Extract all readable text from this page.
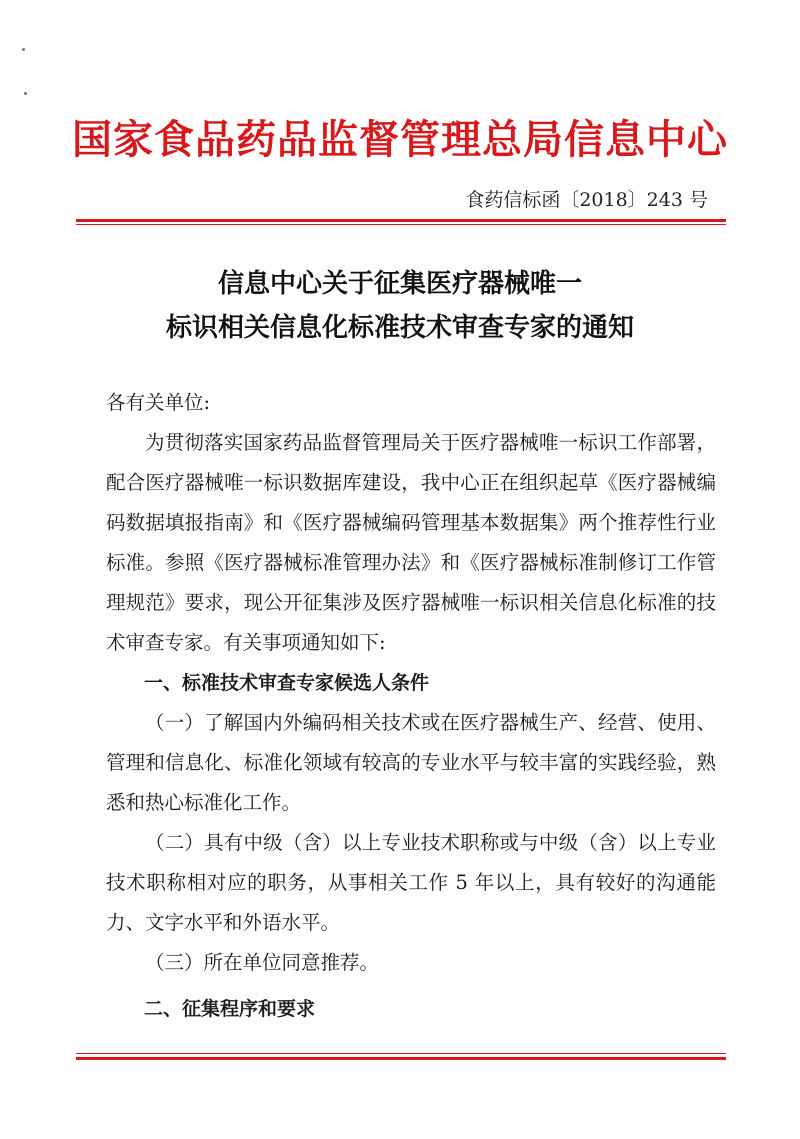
国家食品药品监督管理总局信息中心
食药信标函〔2018〕243 号
信息中心关于征集医疗器械唯一
标识相关信息化标准技术审查专家的通知

各有关单位:

为贯彻落实国家药品监督管理局关于医疗器械唯一标识工作部署，配合医疗器械唯一标识数据库建设，我中心正在组织起草《医疗器械编码数据填报指南》和《医疗器械编码管理基本数据集》两个推荐性行业标准。参照《医疗器械标准管理办法》和《医疗器械标准制修订工作管理规范》要求，现公开征集涉及医疗器械唯一标识相关信息化标准的技术审查专家。有关事项通知如下:

一、标准技术审查专家候选人条件

（一）了解国内外编码相关技术或在医疗器械生产、经营、使用、管理和信息化、标准化领域有较高的专业水平与较丰富的实践经验，熟悉和热心标准化工作。

（二）具有中级（含）以上专业技术职称或与中级（含）以上专业技术职称相对应的职务，从事相关工作 5 年以上，具有较好的沟通能力、文字水平和外语水平。

（三）所在单位同意推荐。

二、征集程序和要求
